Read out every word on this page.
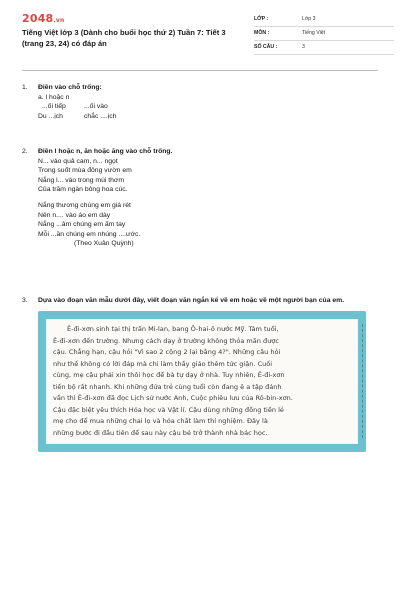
2048.vn
Tiếng Việt lớp 3 (Dành cho buổi học thứ 2) Tuần 7: Tiết 3
(trang 23, 24) có đáp án
LỚP :	Lớp 3
MÔN :	Tiếng Việt
SỐ CÂU :	3
1.	Điền vào chỗ trống:
a. l hoặc n
...ối tiếp	...ối vào
Du ...ịch	chắc ....ịch
2.	Điền l hoặc n, ăn hoặc ăng vào chỗ trống.
N... vào quả cam, n... ngọt
Trong suốt mùa đông vườn em
Nắng l... vào trong mùi thơm
Của trăm ngàn bông hoa cúc.
Nắng thương chúng em giá rét
Nên n.... vào áo em dày
Nắng ...âm chúng em ấm tay
Mỗi ...ần chúng em nhúng ....ước.
(Theo Xuân Quỳnh)
3.	Dựa vào đoạn văn mẫu dưới đây, viết đoạn văn ngắn kể về em hoặc về một người bạn của em.
Ê-đi-xơn sinh tại thị trấn Mi-lan, bang Ô-hai-ô nước Mỹ. Tám tuổi,
Ê-đi-xơn đến trường. Nhưng cách dạy ở trường không thỏa mãn được
cậu. Chẳng hạn, cậu hỏi "Vì sao 2 cộng 2 lại bằng 4?". Những câu hỏi
như thế không có lời đáp mà chỉ làm thầy giáo thêm tức giận. Cuối
cùng, mẹ cậu phải xin thôi học để bà tự dạy ở nhà. Tuy nhiên, Ê-đi-xơn
tiến bộ rất nhanh. Khi những đứa trẻ cùng tuổi còn đang ê a tập đánh
vần thì Ê-đi-xơn đã đọc Lịch sử nước Anh, Cuộc phiêu lưu của Rô-bin-xơn.
Cậu đặc biệt yêu thích Hóa học và Vật lí. Cậu dùng những đồng tiền lẻ
mẹ cho để mua những chai lọ và hóa chất làm thí nghiệm. Đây là
những bước đi đầu tiên để sau này cậu bé trở thành nhà bác học.
